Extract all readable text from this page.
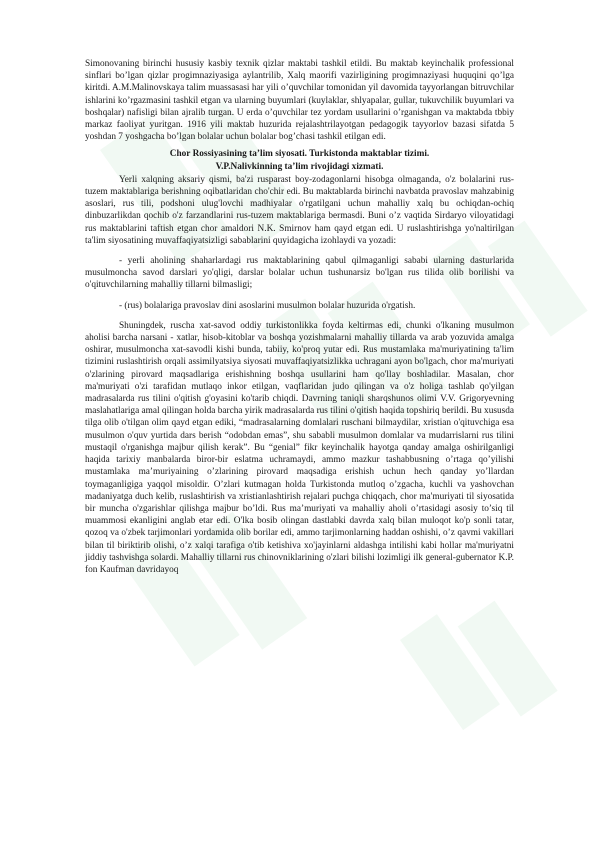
Simonovaning birinchi hususiy kasbiy texnik qizlar maktabi tashkil etildi. Bu maktab keyinchalik professional sinflari bo’lgan qizlar progimnaziyasiga aylantrilib, Xalq maorifi vazirligining progimnaziyasi huquqini qo’lga kiritdi. A.M.Malinovskaya talim muassasasi har yili o’quvchilar tomonidan yil davomida tayyorlangan bitruvchilar ishlarini ko’rgazmasini tashkil etgan va ularning buyumlari (kuylaklar, shlyapalar, gullar, tukuvchilik buyumlari va boshqalar) nafisligi bilan ajralib turgan. U erda o’quvchilar tez yordam usullarini o’rganishgan va maktabda tbbiy markaz faoliyat yuritgan. 1916 yili maktab huzurida rejalashtrilayotgan pedagogik tayyorlov bazasi sifatda 5 yoshdan 7 yoshgacha bo’lgan bolalar uchun bolalar bog’chasi tashkil etilgan edi.

Chor Rossiyasining ta’lim siyosati. Turkistonda maktablar tizimi.
V.P.Nalivkinning ta’lim rivojidagi xizmati.

Yerli xalqning aksariy qismi, ba'zi rusparast boy-zodagonlarni hisobga olmaganda, o'z bolalarini rus-tuzem maktablariga berishning oqibatlaridan cho'chir edi. Bu maktablarda birinchi navbatda pravoslav mahzabinig asoslari, rus tili, podshoni ulug'lovchi madhiyalar o'rgatilgani uchun mahalliy xalq bu ochiqdan-ochiq dinbuzarlikdan qochib o'z farzandlarini rus-tuzem maktablariga bermasdi. Buni o’z vaqtida Sirdaryo viloyatidagi rus maktablarini taftish etgan chor amaldori N.K. Smirnov ham qayd etgan edi. U ruslashtirishga yo'naltirilgan ta'lim siyosatining muvaffaqiyatsizligi sabablarini quyidagicha izohlaydi va yozadi:

- yerli aholining shaharlardagi rus maktablarining qabul qilmaganligi sababi ularning dasturlarida musulmoncha savod darslari yo'qligi, darslar bolalar uchun tushunarsiz bo'lgan rus tilida olib borilishi va o'qituvchilarning mahalliy tillarni bilmasligi;

- (rus) bolalariga pravoslav dini asoslarini musulmon bolalar huzurida o'rgatish.

Shuningdek, ruscha xat-savod oddiy turkistonlikka foyda keltirmas edi, chunki o'lkaning musulmon aholisi barcha narsani - xatlar, hisob-kitoblar va boshqa yozishmalarni mahalliy tillarda va arab yozuvida amalga oshirar, musulmoncha xat-savodli kishi bunda, tabiiy, ko'proq yutar edi. Rus mustamlaka ma'muriyatining ta'lim tizimini ruslashtirish orqali assimilyatsiya siyosati muvaffaqiyatsizlikka uchragani ayon bo'lgach, chor ma'muriyati o'zlarining pirovard maqsadlariga erishishning boshqa usullarini ham qo'llay boshladilar. Masalan, chor ma'muriyati o'zi tarafidan mutlaqo inkor etilgan, vaqflaridan judo qilingan va o'z holiga tashlab qo'yilgan madrasalarda rus tilini o'qitish g'oyasini ko'tarib chiqdi. Davrning taniqli sharqshunos olimi V.V. Grigoryevning maslahatlariga amal qilingan holda barcha yirik madrasalarda rus tilini o'qitish haqida topshiriq berildi. Bu xususda tilga olib o'tilgan olim qayd etgan ediki, “madrasalarning domlalari ruschani bilmaydilar, xristian o'qituvchiga esa musulmon o'quv yurtida dars berish “odobdan emas”, shu sababli musulmon domlalar va mudarrislarni rus tilini mustaqil o'rganishga majbur qilish kerak”. Bu “genial” fikr keyinchalik hayotga qanday amalga oshirilganligi haqida tarixiy manbalarda biror-bir eslatma uchramaydi, ammo mazkur tashabbusning o’rtaga qo’yilishi mustamlaka ma’muriyaining o’zlarining pirovard maqsadiga erishish uchun hech qanday yo’llardan toymaganligiga yaqqol misoldir. O’zlari kutmagan holda Turkistonda mutloq o’zgacha, kuchli va yashovchan madaniyatga duch kelib, ruslashtirish va xristianlashtirish rejalari puchga chiqqach, chor ma'muriyati til siyosatida bir muncha o'zgarishlar qilishga majbur bo’ldi. Rus ma’muriyati va mahalliy aholi o’rtasidagi asosiy to’siq til muammosi ekanligini anglab etar edi. O'lka bosib olingan dastlabki davrda xalq bilan muloqot ko'p sonli tatar, qozoq va o'zbek tarjimonlari yordamida olib borilar edi, ammo tarjimonlarning haddan oshishi, o’z qavmi vakillari bilan til biriktirib olishi, o’z xalqi tarafiga o'tib ketishiva xo'jayinlarni aldashga intilishi kabi hollar ma'muriyatni jiddiy tashvishga solardi. Mahalliy tillarni rus chinovniklarining o'zlari bilishi lozimligi ilk general-gubernator K.P. fon Kaufman davridayoq
